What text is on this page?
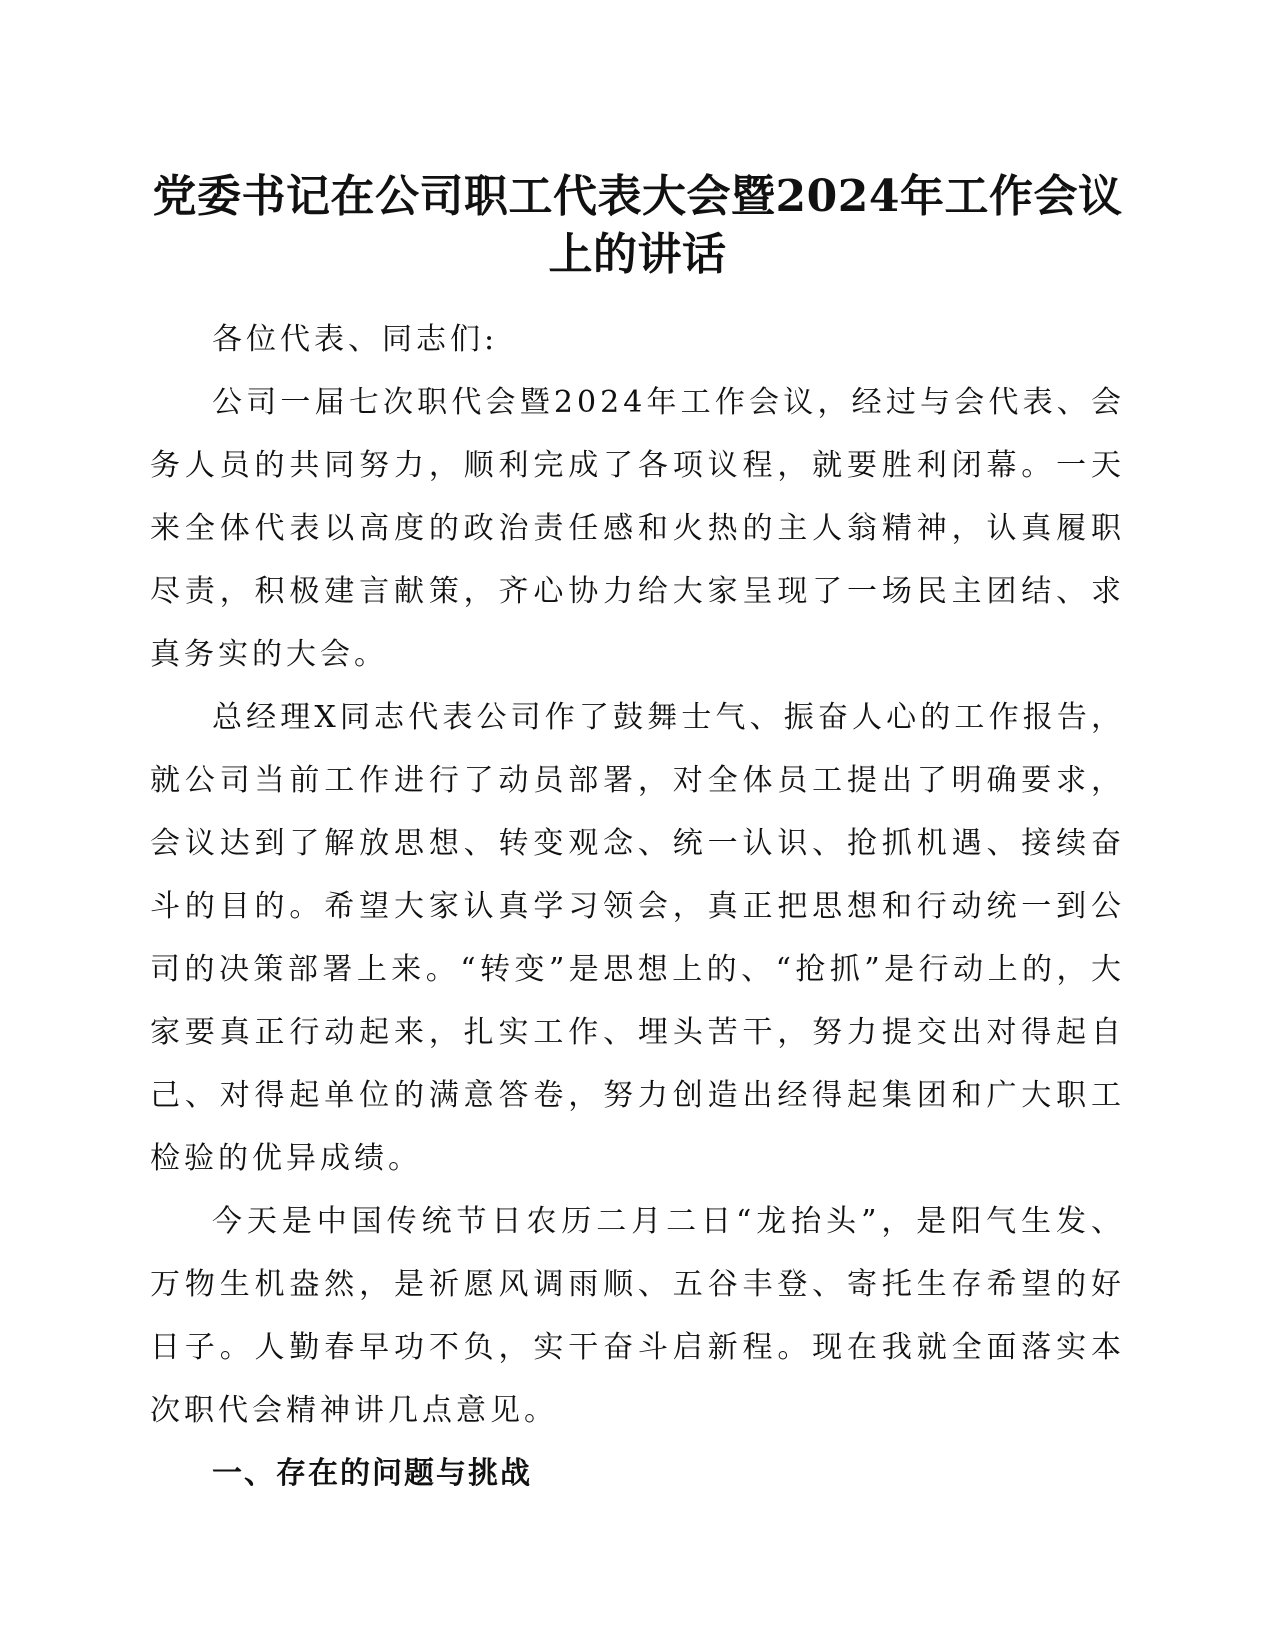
党委书记在公司职工代表大会暨2024年工作会议上的讲话

各位代表、同志们:

公司一届七次职代会暨2024年工作会议，经过与会代表、会务人员的共同努力，顺利完成了各项议程，就要胜利闭幕。一天来全体代表以高度的政治责任感和火热的主人翁精神，认真履职尽责，积极建言献策，齐心协力给大家呈现了一场民主团结、求真务实的大会。

总经理X同志代表公司作了鼓舞士气、振奋人心的工作报告，就公司当前工作进行了动员部署，对全体员工提出了明确要求，会议达到了解放思想、转变观念、统一认识、抢抓机遇、接续奋斗的目的。希望大家认真学习领会，真正把思想和行动统一到公司的决策部署上来。“转变”是思想上的、“抢抓”是行动上的，大家要真正行动起来，扎实工作、埋头苦干，努力提交出对得起自己、对得起单位的满意答卷，努力创造出经得起集团和广大职工检验的优异成绩。

今天是中国传统节日农历二月二日“龙抬头”，是阳气生发、万物生机盎然，是祈愿风调雨顺、五谷丰登、寄托生存希望的好日子。人勤春早功不负，实干奋斗启新程。现在我就全面落实本次职代会精神讲几点意见。

一、存在的问题与挑战
